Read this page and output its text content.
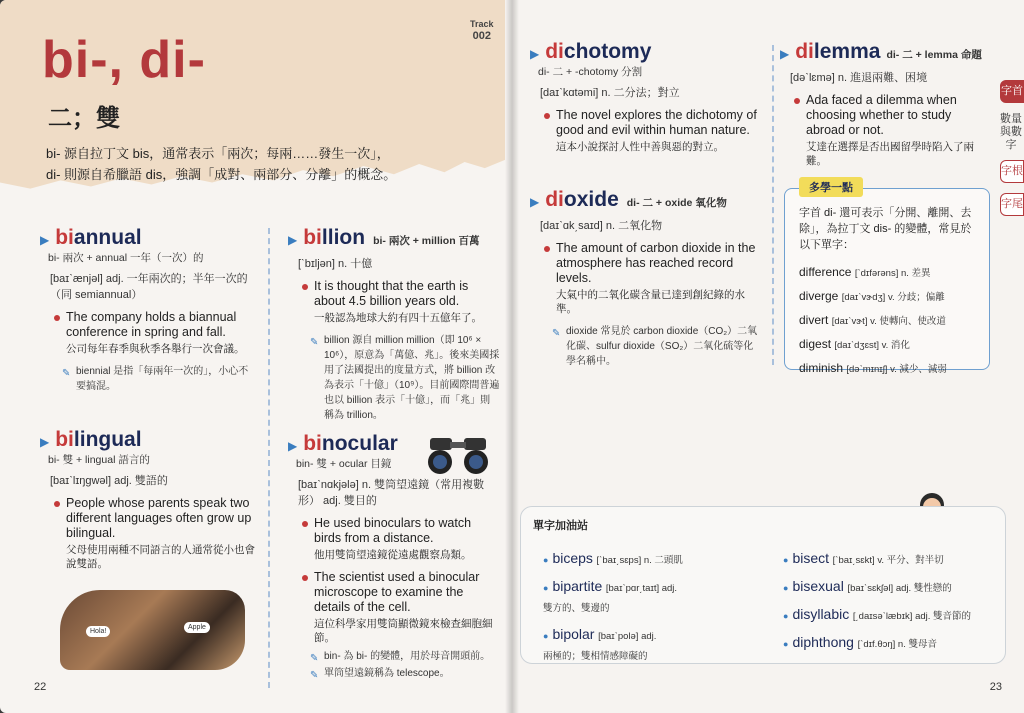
bi-, di-
二；雙
bi- 源自拉丁文 bis，通常表示「兩次；每兩……發生一次」，
di- 則源自希臘語 dis，強調「成對、兩部分、分離」的概念。
Track
002
▶ biannual
bi- 兩次 + annual 一年（一次）的
[baɪˋænjəl] adj. 一年兩次的；半年一次的（同 semiannual）
The company holds a biannual conference in spring and fall.
公司每年春季與秋季各舉行一次會議。
✎ biennial 是指「每兩年一次的」，小心不要搞混。
▶ bilingual
bi- 雙 + lingual 語言的
[baɪˋlɪŋgwəl] adj. 雙語的
People whose parents speak two different languages often grow up bilingual.
父母使用兩種不同語言的人通常從小也會說雙語。
Hola!
Apple
▶ billion bi- 兩次 + million 百萬
[ˋbɪljən] n. 十億
It is thought that the earth is about 4.5 billion years old.
一般認為地球大約有四十五億年了。
✎ billion 源自 million million（即 10⁶ × 10⁶），原意為「萬億、兆」。後來美國採用了法國提出的度量方式，將 billion 改為表示「十億」（10⁹）。目前國際間普遍也以 billion 表示「十億」，而「兆」則稱為 trillion。
▶ binocular
bin- 雙 + ocular 目鏡
[baɪˋnɑkjələ] n. 雙筒望遠鏡（常用複數形） adj. 雙目的
He used binoculars to watch birds from a distance.
他用雙筒望遠鏡從遠處觀察鳥類。
The scientist used a binocular microscope to examine the details of the cell.
這位科學家用雙筒顯微鏡來檢查細胞細節。
✎ bin- 為 bi- 的變體，用於母音開頭前。
✎ 單筒望遠鏡稱為 telescope。
22
▶ dichotomy
di- 二 + -chotomy 分割
[daɪˋkɑtəmi] n. 二分法；對立
The novel explores the dichotomy of good and evil within human nature.
這本小說探討人性中善與惡的對立。
▶ dioxide di- 二 + oxide 氧化物
[daɪˋɑk͵saɪd] n. 二氧化物
The amount of carbon dioxide in the atmosphere has reached record levels.
大氣中的二氧化碳含量已達到創紀錄的水準。
✎ dioxide 常見於 carbon dioxide（CO₂）二氧化碳、sulfur dioxide（SO₂）二氧化硫等化學名稱中。
▶ dilemma di- 二 + lemma 命題
[dəˋlɛmə] n. 進退兩難、困境
Ada faced a dilemma when choosing whether to study abroad or not.
艾達在選擇是否出國留學時陷入了兩難。
多學一點
字首 di- 還可表示「分開、離開、去除」，為拉丁文 dis- 的變體，常見於以下單字：
difference [ˋdɪfərəns] n. 差異
diverge [daɪˋvɝdʒ] v. 分歧；偏離
divert [daɪˋvɝt] v. 使轉向、使改道
digest [daɪˋdʒɛst] v. 消化
diminish [dəˋmɪnɪʃ] v. 減少、減弱
字首
數量與數字
字根
字尾
單字加油站
● biceps [ˋbaɪ͵sɛps] n. 二頭肌
● bipartite [baɪˋpɑr͵taɪt] adj.
雙方的、雙邊的
● bipolar [baɪˋpolə] adj.
兩極的；雙相情感障礙的
● bisect [ˋbaɪ͵sɛkt] v. 平分、對半切
● bisexual [baɪˋsɛkʃəl] adj. 雙性戀的
● disyllabic [͵daɪsəˋlæbɪk] adj. 雙音節的
● diphthong [ˋdɪf.θɔŋ] n. 雙母音
23
